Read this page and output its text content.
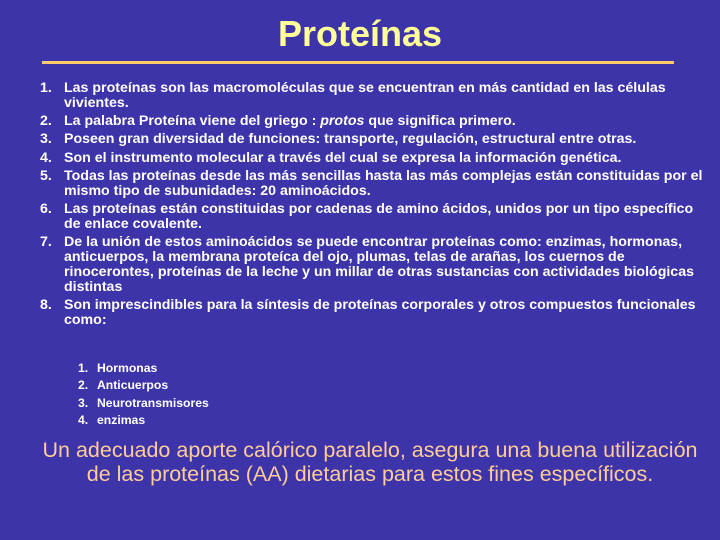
Proteínas
1. Las proteínas son las macromoléculas que se encuentran en más cantidad en las células vivientes.
2. La palabra Proteína viene del griego : protos que significa primero.
3. Poseen gran diversidad de funciones: transporte, regulación, estructural entre otras.
4. Son el instrumento molecular a través del cual se expresa la información genética.
5. Todas las proteínas desde las más sencillas hasta las más complejas están constituidas por el mismo tipo de subunidades: 20 aminoácidos.
6. Las proteínas están constituidas por cadenas de amino ácidos, unidos por un tipo específico de enlace covalente.
7. De la unión de estos aminoácidos se puede encontrar proteínas como: enzimas, hormonas, anticuerpos, la membrana proteíca del ojo, plumas, telas de arañas, los cuernos de rinocerontes, proteínas de la leche y un millar de otras sustancias con actividades biológicas distintas
8. Son imprescindibles para la síntesis de proteínas corporales y otros compuestos funcionales como:
1. Hormonas
2. Anticuerpos
3. Neurotransmisores
4. enzimas
Un adecuado aporte calórico paralelo, asegura una buena utilización de las proteínas (AA) dietarias para estos fines específicos.
